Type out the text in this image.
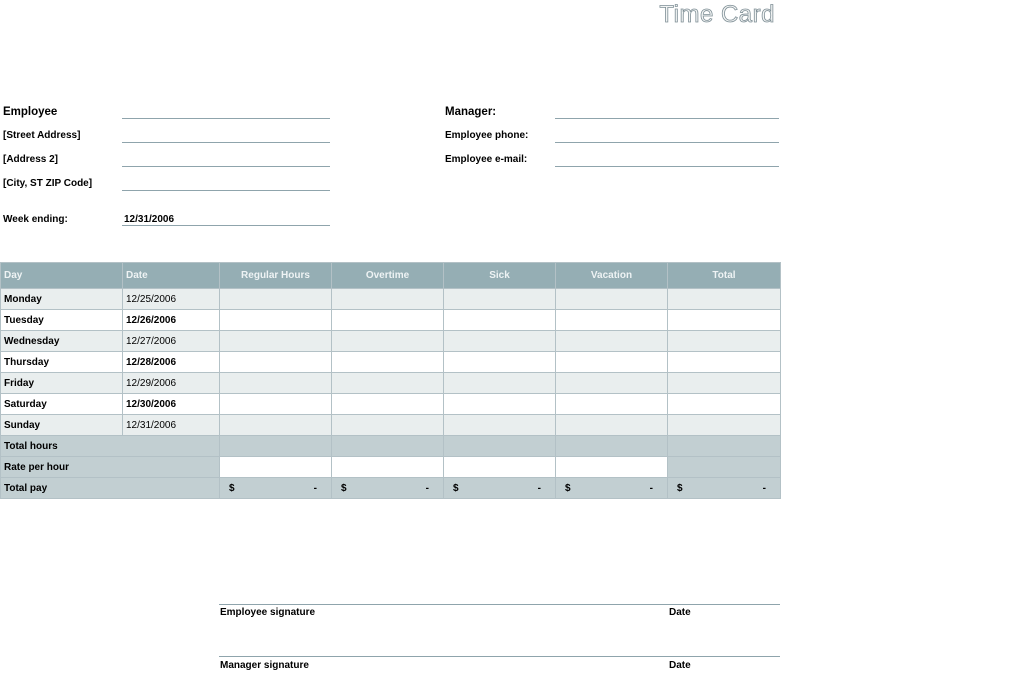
Time Card
Employee
[Street Address]
[Address 2]
[City, ST ZIP Code]
Week ending:	12/31/2006
Manager:
Employee phone:
Employee e-mail:
Day	Date	Regular Hours	Overtime	Sick	Vacation	Total
Monday	12/25/2006					
Tuesday	12/26/2006					
Wednesday	12/27/2006					
Thursday	12/28/2006					
Friday	12/29/2006					
Saturday	12/30/2006					
Sunday	12/31/2006					
Total hours						
Rate per hour						
Total pay		$ -	$ -	$ -	$ -	$ -
Employee signature	Date
Manager signature	Date
